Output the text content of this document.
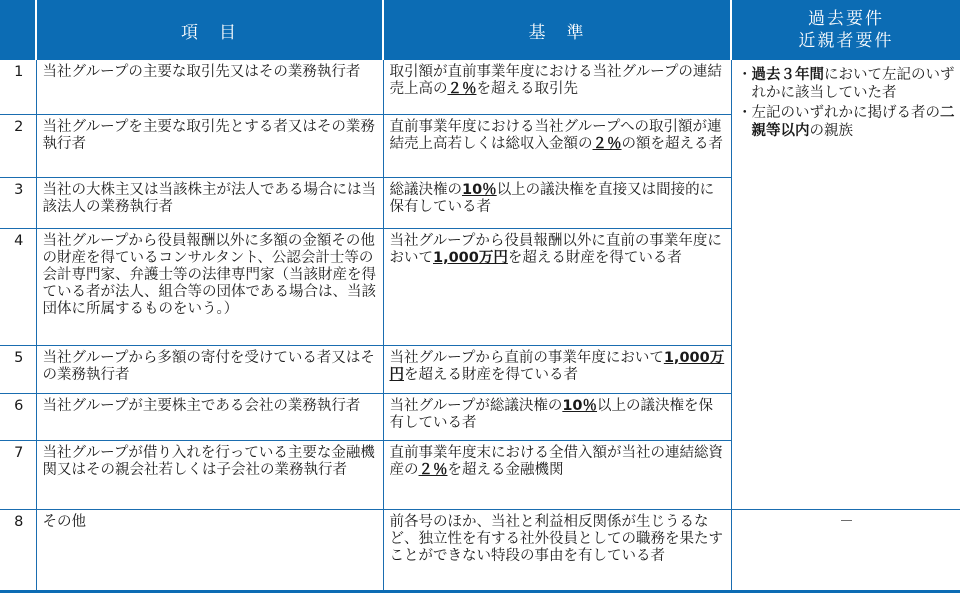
	項　目	基　準	過去要件
近親者要件

1	当社グループの主要な取引先又はその業務執行者	取引額が直前事業年度における当社グループの連結売上高の２％を超える取引先	・ 過去３年間において左記のいずれかに該当していた者
・ 左記のいずれかに掲げる者の二親等以内の親族

2	当社グループを主要な取引先とする者又はその業務執行者	直前事業年度における当社グループへの取引額が連結売上高若しくは総収入金額の２％の額を超える者	
3	当社の大株主又は当該株主が法人である場合には当該法人の業務執行者	総議決権の10％以上の議決権を直接又は間接的に保有している者	
4	当社グループから役員報酬以外に多額の金額その他の財産を得ているコンサルタント、公認会計士等の会計専門家、弁護士等の法律専門家（当該財産を得ている者が法人、組合等の団体である場合は、当該団体に所属するものをいう。）	当社グループから役員報酬以外に直前の事業年度において1,000万円を超える財産を得ている者	
5	当社グループから多額の寄付を受けている者又はその業務執行者	当社グループから直前の事業年度において1,000万円を超える財産を得ている者	
6	当社グループが主要株主である会社の業務執行者	当社グループが総議決権の10％以上の議決権を保有している者	
7	当社グループが借り入れを行っている主要な金融機関又はその親会社若しくは子会社の業務執行者	直前事業年度末における全借入額が当社の連結総資産の２％を超える金融機関	
8	その他	前各号のほか、当社と利益相反関係が生じうるなど、独立性を有する社外役員としての職務を果たすことができない特段の事由を有している者	－
